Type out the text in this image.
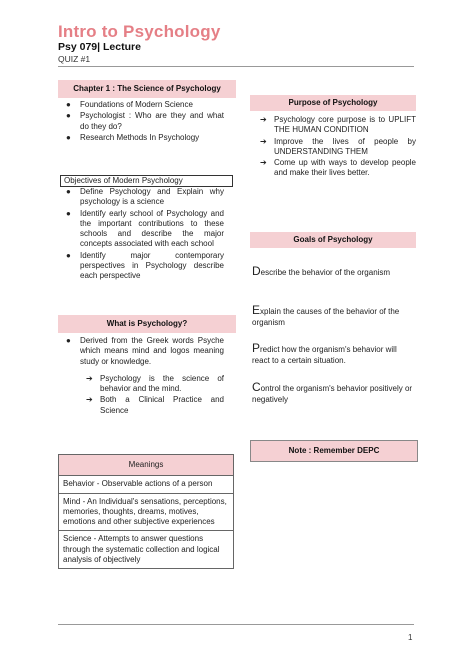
Intro to Psychology
Psy 079| Lecture
QUIZ #1
Chapter 1 : The Science of Psychology
● Foundations of Modern Science
● Psychologist : Who are they and what do they do?
● Research Methods In Psychology
Objectives of Modern Psychology
● Define Psychology and Explain why psychology is a science
● Identify early school of Psychology and the important contributions to these schools and describe the major concepts associated with each school
● Identify major contemporary perspectives in Psychology describe each perspective
What is Psychology?
● Derived from the Greek words Psyche which means mind and logos meaning study or knowledge.
➔ Psychology is the science of behavior and the mind.
➔ Both a Clinical Practice and Science
Meanings
Behavior - Observable actions of a person
Mind - An Individual's sensations, perceptions, memories, thoughts, dreams, motives, emotions and other subjective experiences
Science - Attempts to answer questions through the systematic collection and logical analysis of objectively
Purpose of Psychology
➔ Psychology core purpose is to UPLIFT THE HUMAN CONDITION
➔ Improve the lives of people by UNDERSTANDING THEM
➔ Come up with ways to develop people and make their lives better.
Goals of Psychology
Describe the behavior of the organism
Explain the causes of the behavior of the organism
Predict how the organism's behavior will react to a certain situation.
Control the organism's behavior positively or negatively
Note : Remember DEPC
1
